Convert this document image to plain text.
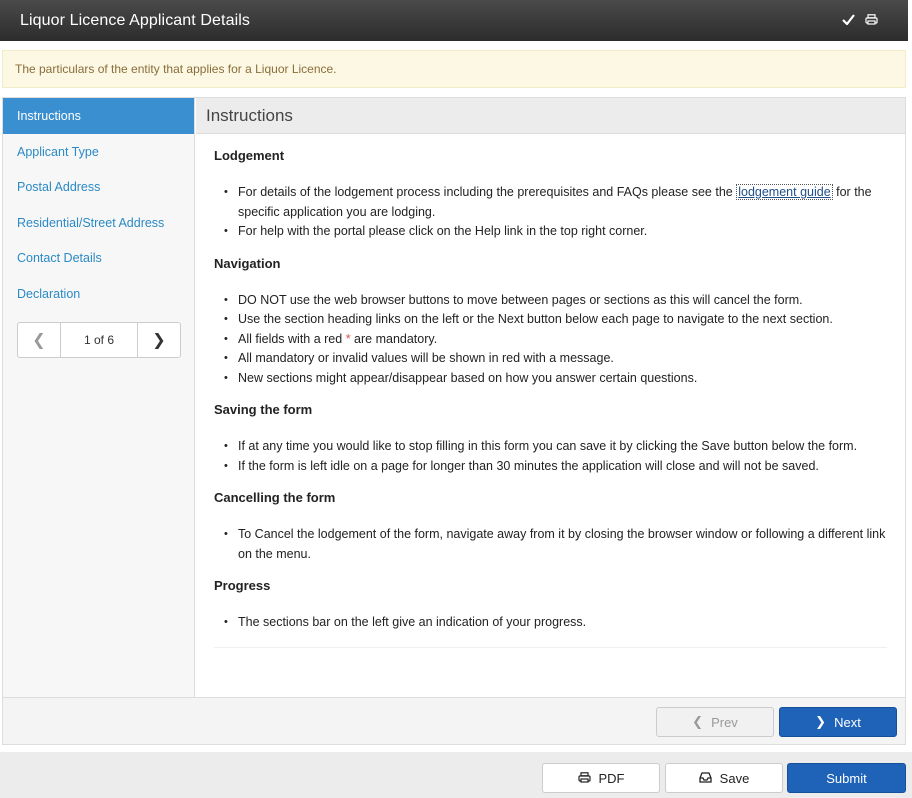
Liquor Licence Applicant Details
The particulars of the entity that applies for a Liquor Licence.
Instructions
Applicant Type
Postal Address
Residential/Street Address
Contact Details
Declaration
❮	1 of 6	❯
Instructions
Lodgement
• For details of the lodgement process including the prerequisites and FAQs please see the lodgement guide for the specific application you are lodging.
• For help with the portal please click on the Help link in the top right corner.
Navigation
• DO NOT use the web browser buttons to move between pages or sections as this will cancel the form.
• Use the section heading links on the left or the Next button below each page to navigate to the next section.
• All fields with a red * are mandatory.
• All mandatory or invalid values will be shown in red with a message.
• New sections might appear/disappear based on how you answer certain questions.
Saving the form
• If at any time you would like to stop filling in this form you can save it by clicking the Save button below the form.
• If the form is left idle on a page for longer than 30 minutes the application will close and will not be saved.
Cancelling the form
• To Cancel the lodgement of the form, navigate away from it by closing the browser window or following a different link on the menu.
Progress
• The sections bar on the left give an indication of your progress.
❮ Prev	❯ Next
PDF	Save	Submit
